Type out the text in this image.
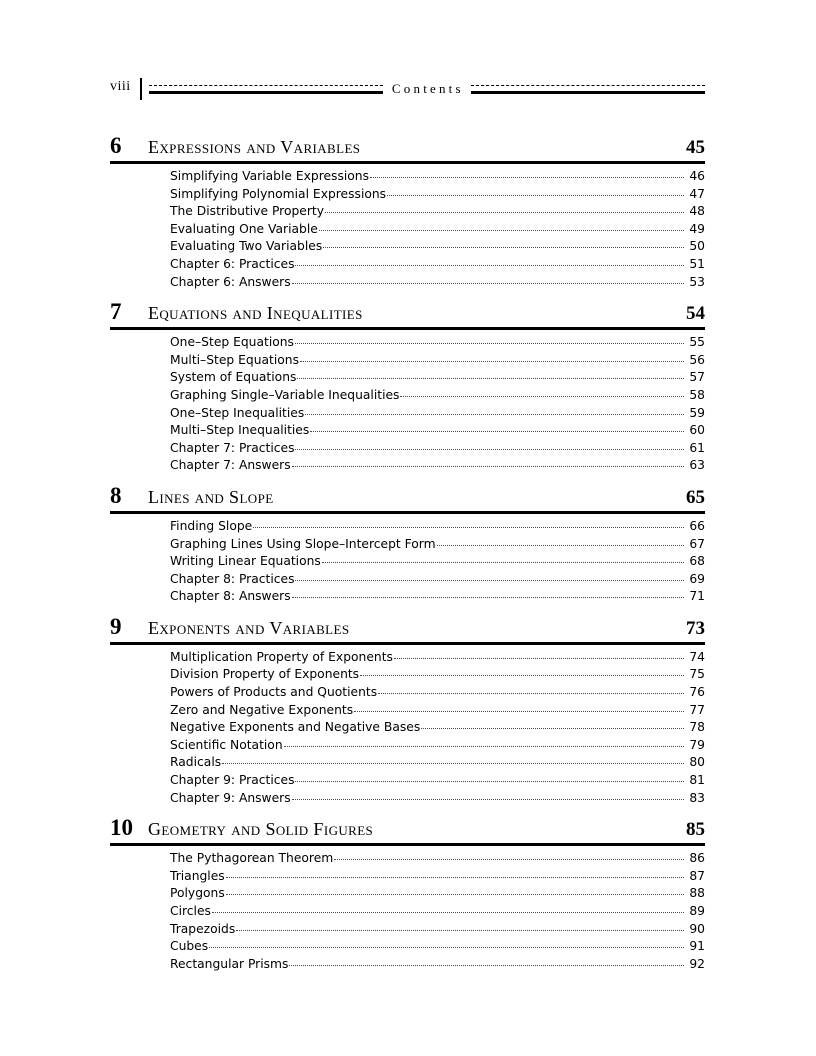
viii	Contents
6	Expressions and Variables	45
Simplifying Variable Expressions	46
Simplifying Polynomial Expressions	47
The Distributive Property	48
Evaluating One Variable	49
Evaluating Two Variables	50
Chapter 6: Practices	51
Chapter 6: Answers	53
7	Equations and Inequalities	54
One–Step Equations	55
Multi–Step Equations	56
System of Equations	57
Graphing Single–Variable Inequalities	58
One–Step Inequalities	59
Multi–Step Inequalities	60
Chapter 7: Practices	61
Chapter 7: Answers	63
8	Lines and Slope	65
Finding Slope	66
Graphing Lines Using Slope–Intercept Form	67
Writing Linear Equations	68
Chapter 8: Practices	69
Chapter 8: Answers	71
9	Exponents and Variables	73
Multiplication Property of Exponents	74
Division Property of Exponents	75
Powers of Products and Quotients	76
Zero and Negative Exponents	77
Negative Exponents and Negative Bases	78
Scientific Notation	79
Radicals	80
Chapter 9: Practices	81
Chapter 9: Answers	83
10 Geometry and Solid Figures	85
The Pythagorean Theorem	86
Triangles	87
Polygons	88
Circles	89
Trapezoids	90
Cubes	91
Rectangular Prisms	92
